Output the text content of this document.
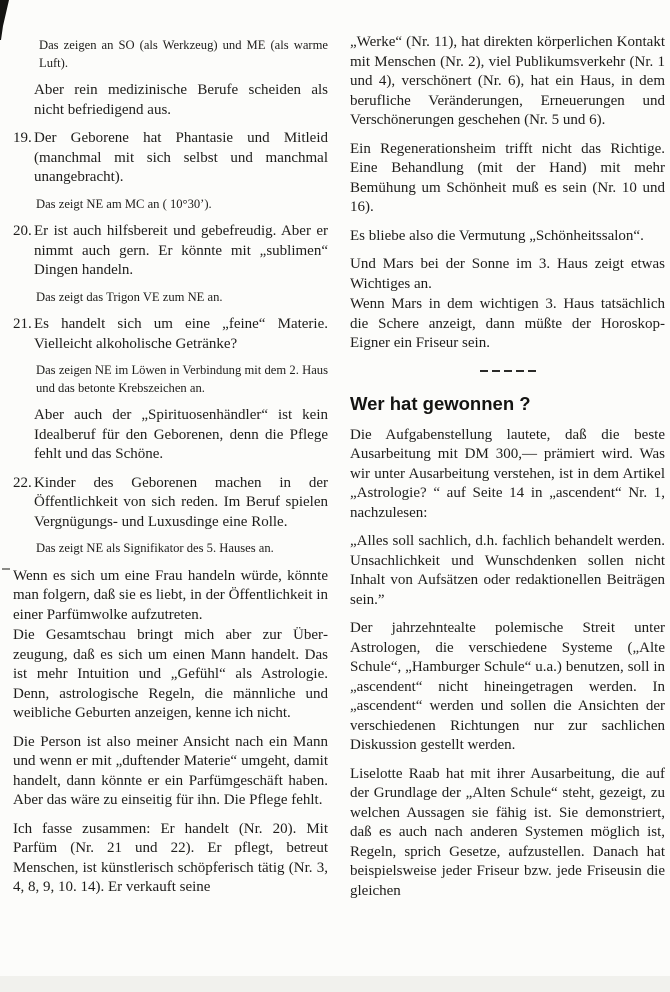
Das zeigen an SO (als Werkzeug) und ME (als warme Luft).

Aber rein medizinische Berufe scheiden als nicht befriedigend aus.

19. Der Geborene hat Phantasie und Mitleid (manchmal mit sich selbst und manchmal unangebracht).

Das zeigt NE am MC an ( 10°30’).

20. Er ist auch hilfsbereit und gebefreudig. Aber er nimmt auch gern. Er könnte mit „sublimen“ Dingen handeln.

Das zeigt das Trigon VE zum NE an.

21. Es handelt sich um eine „feine“ Materie. Vielleicht alkoholische Getränke?

Das zeigen NE im Löwen in Verbindung mit dem 2. Haus und das betonte Krebszeichen an.

Aber auch der „Spirituosenhändler“ ist kein Idealberuf für den Geborenen, denn die Pflege fehlt und das Schöne.

22. Kinder des Geborenen machen in der Öffentlichkeit von sich reden. Im Beruf spielen Vergnügungs- und Luxusdinge eine Rolle.

Das zeigt NE als Signifikator des 5. Hauses an.

Wenn es sich um eine Frau handeln würde, könnte man folgern, daß sie es liebt, in der Öffentlichkeit in einer Parfümwolke aufzutreten.

Die Gesamtschau bringt mich aber zur Überzeugung, daß es sich um einen Mann handelt. Das ist mehr Intuition und „Gefühl“ als Astrologie. Denn, astrologische Regeln, die männliche und weibliche Geburten anzeigen, kenne ich nicht.

Die Person ist also meiner Ansicht nach ein Mann und wenn er mit „duftender Materie“ umgeht, damit handelt, dann könnte er ein Parfümgeschäft haben. Aber das wäre zu einseitig für ihn. Die Pflege fehlt.

Ich fasse zusammen: Er handelt (Nr. 20). Mit Parfüm (Nr. 21 und 22). Er pflegt, betreut Menschen, ist künstlerisch schöpferisch tätig (Nr. 3, 4, 8, 9, 10. 14). Er verkauft seine

„Werke“ (Nr. 11), hat direkten körperlichen Kontakt mit Menschen (Nr. 2), viel Publikumsverkehr (Nr. 1 und 4), verschönert (Nr. 6), hat ein Haus, in dem berufliche Veränderungen, Erneuerungen und Verschönerungen geschehen (Nr. 5 und 6).

Ein Regenerationsheim trifft nicht das Richtige. Eine Behandlung (mit der Hand) mit mehr Bemühung um Schönheit muß es sein (Nr. 10 und 16).

Es bliebe also die Vermutung „Schönheitssalon“.

Und Mars bei der Sonne im 3. Haus zeigt etwas Wichtiges an.

Wenn Mars in dem wichtigen 3. Haus tatsächlich die Schere anzeigt, dann müßte der Horoskop-Eigner ein Friseur sein.

Wer hat gewonnen ?

Die Aufgabenstellung lautete, daß die beste Ausarbeitung mit DM 300,— prämiert wird. Was wir unter Ausarbeitung verstehen, ist in dem Artikel „Astrologie? “ auf Seite 14 in „ascendent“ Nr. 1, nachzulesen:

„Alles soll sachlich, d.h. fachlich behandelt werden. Unsachlichkeit und Wunschdenken sollen nicht Inhalt von Aufsätzen oder redaktionellen Beiträgen sein.”

Der jahrzehntealte polemische Streit unter Astrologen, die verschiedene Systeme („Alte Schule“, „Hamburger Schule“ u.a.) benutzen, soll in „ascendent“ nicht hineingetragen werden. In „ascendent“ werden und sollen die Ansichten der verschiedenen Richtungen nur zur sachlichen Diskussion gestellt werden.

Liselotte Raab hat mit ihrer Ausarbeitung, die auf der Grundlage der „Alten Schule“ steht, gezeigt, zu welchen Aussagen sie fähig ist. Sie demonstriert, daß es auch nach anderen Systemen möglich ist, Regeln, sprich Gesetze, aufzustellen. Danach hat beispielsweise jeder Friseur bzw. jede Friseusin die gleichen
